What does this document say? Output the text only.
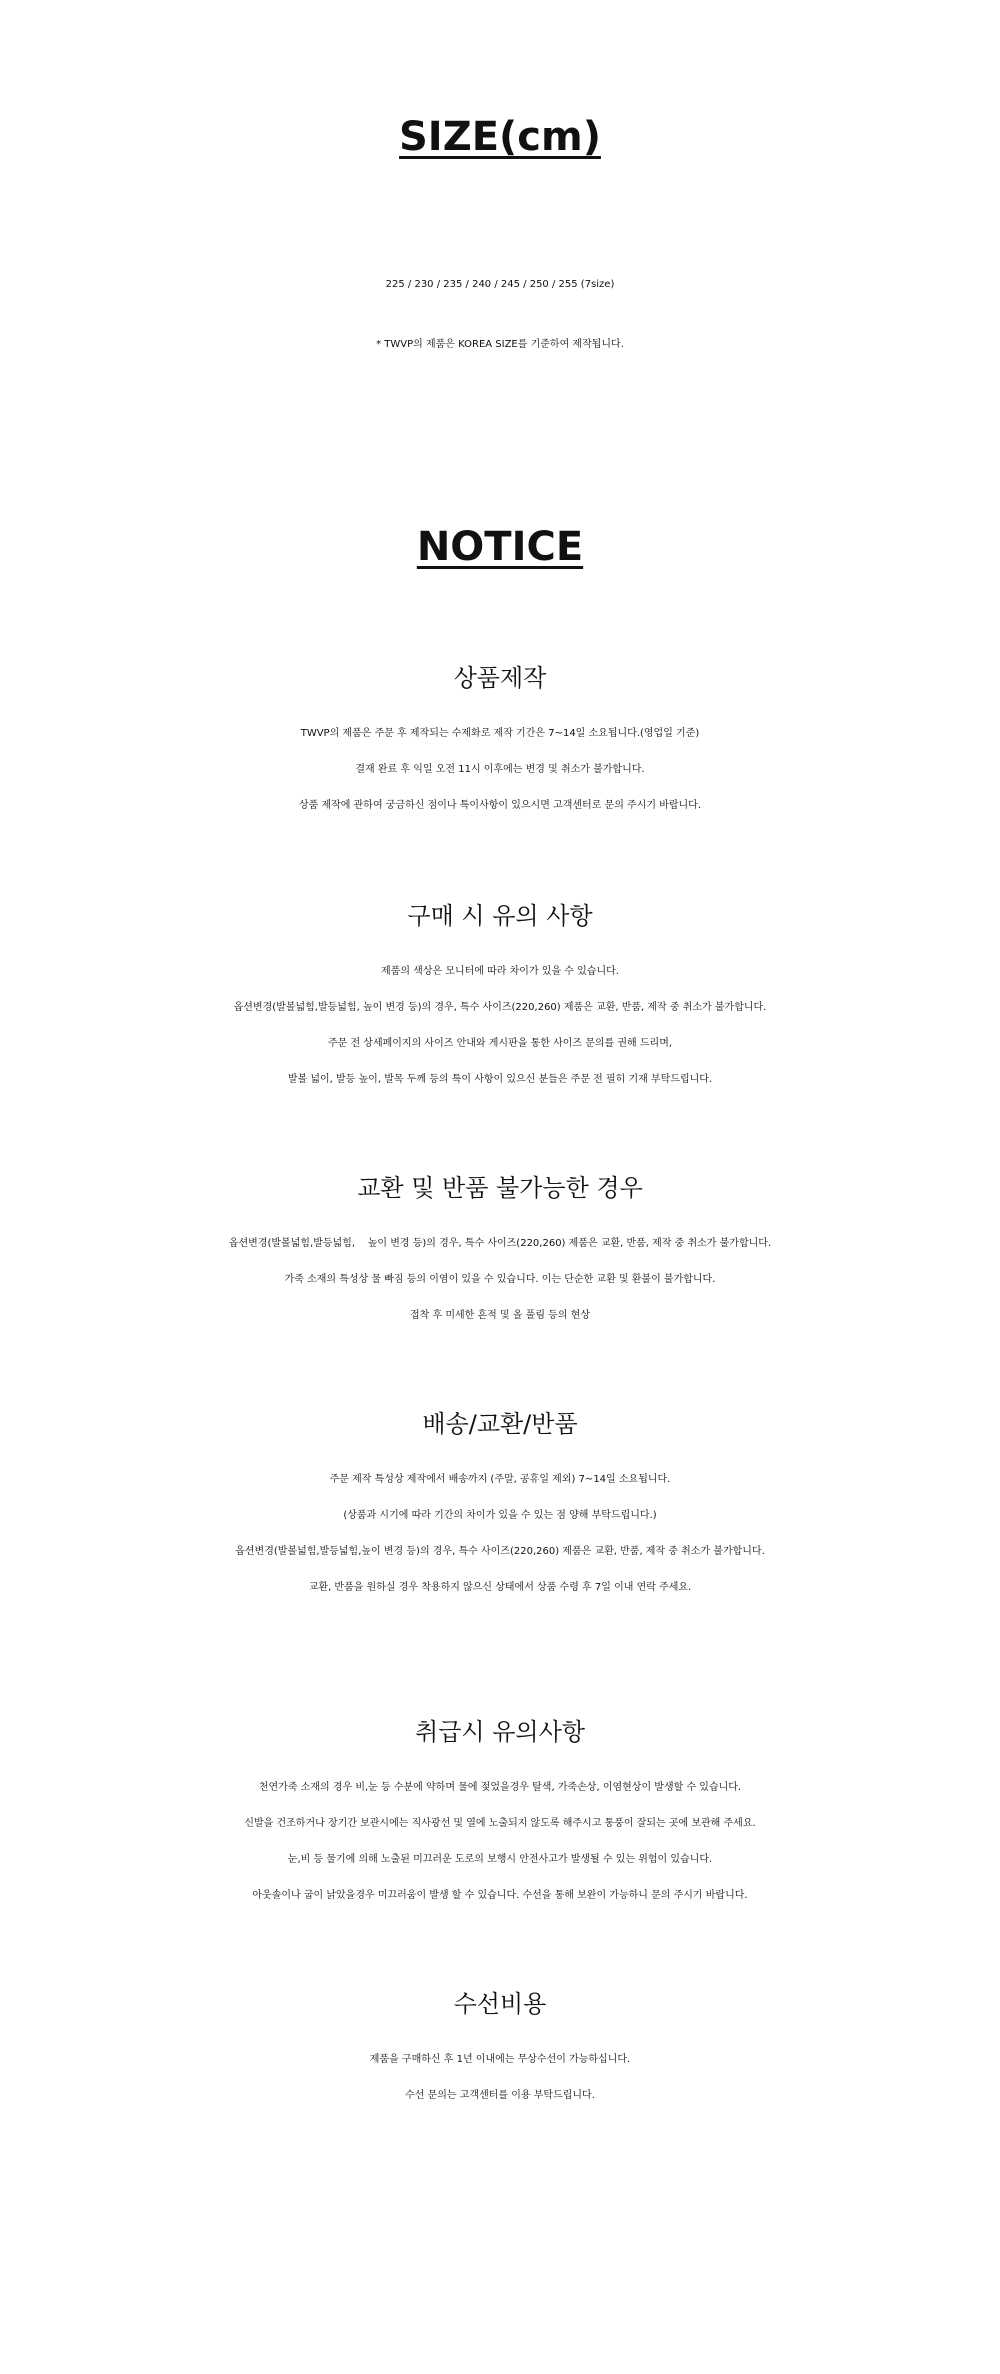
SIZE(cm)

225 / 230 / 235 / 240 / 245 / 250 / 255 (7size)

* TWVP의 제품은 KOREA SIZE를 기준하여 제작됩니다.

NOTICE
상품제작

TWVP의 제품은 주문 후 제작되는 수제화로 제작 기간은 7~14일 소요됩니다.(영업일 기준)

결재 완료 후 익일 오전 11시 이후에는 변경 및 취소가 불가합니다.

상품 제작에 관하여 궁금하신 점이나 특이사항이 있으시면 고객센터로 문의 주시기 바랍니다.

구매 시 유의 사항

제품의 색상은 모니터에 따라 차이가 있을 수 있습니다.

옵션변경(발볼넓힘,발등넓힘, 높이 변경 등)의 경우, 특수 사이즈(220,260) 제품은 교환, 반품, 제작 중 취소가 불가합니다.

주문 전 상세페이지의 사이즈 안내와 게시판을 통한 사이즈 문의를 권해 드리며,

발볼 넓이, 발등 높이, 발목 두께 등의 특이 사항이 있으신 분들은 주문 전 필히 기재 부탁드립니다.

교환 및 반품 불가능한 경우

옵션변경(발볼넓힘,발등넓힘,    높이 변경 등)의 경우, 특수 사이즈(220,260) 제품은 교환, 반품, 제작 중 취소가 불가합니다.

가죽 소재의 특성상 물 빠짐 등의 이염이 있을 수 있습니다. 이는 단순한 교환 및 환불이 불가합니다.

접착 후 미세한 흔적 및 올 풀림 등의 현상

배송/교환/반품

주문 제작 특성상 제작에서 배송까지 (주말, 공휴일 제외) 7~14일 소요됩니다.

(상품과 시기에 따라 기간의 차이가 있을 수 있는 점 양해 부탁드립니다.)

옵션변경(발볼넓힘,발등넓힘,높이 변경 등)의 경우, 특수 사이즈(220,260) 제품은 교환, 반품, 제작 중 취소가 불가합니다.

교환, 반품을 원하실 경우 착용하지 않으신 상태에서 상품 수령 후 7일 이내 연락 주세요.

취급시 유의사항

천연가죽 소재의 경우 비,눈 등 수분에 약하며 물에 젖었을경우 탈색, 가죽손상, 이염현상이 발생할 수 있습니다.

신발을 건조하거나 장기간 보관시에는 직사광선 및 열에 노출되지 않도록 해주시고 통풍이 잘되는 곳에 보관해 주세요.

눈,비 등 물기에 의해 노출된 미끄러운 도로의 보행시 안전사고가 발생될 수 있는 위험이 있습니다.

아웃솔이나 굽이 낡았을경우 미끄러움이 발생 할 수 있습니다. 수선을 통해 보완이 가능하니 문의 주시기 바랍니다.

수선비용

제품을 구매하신 후 1년 이내에는 무상수선이 가능하십니다.

수선 문의는 고객센터를 이용 부탁드립니다.
